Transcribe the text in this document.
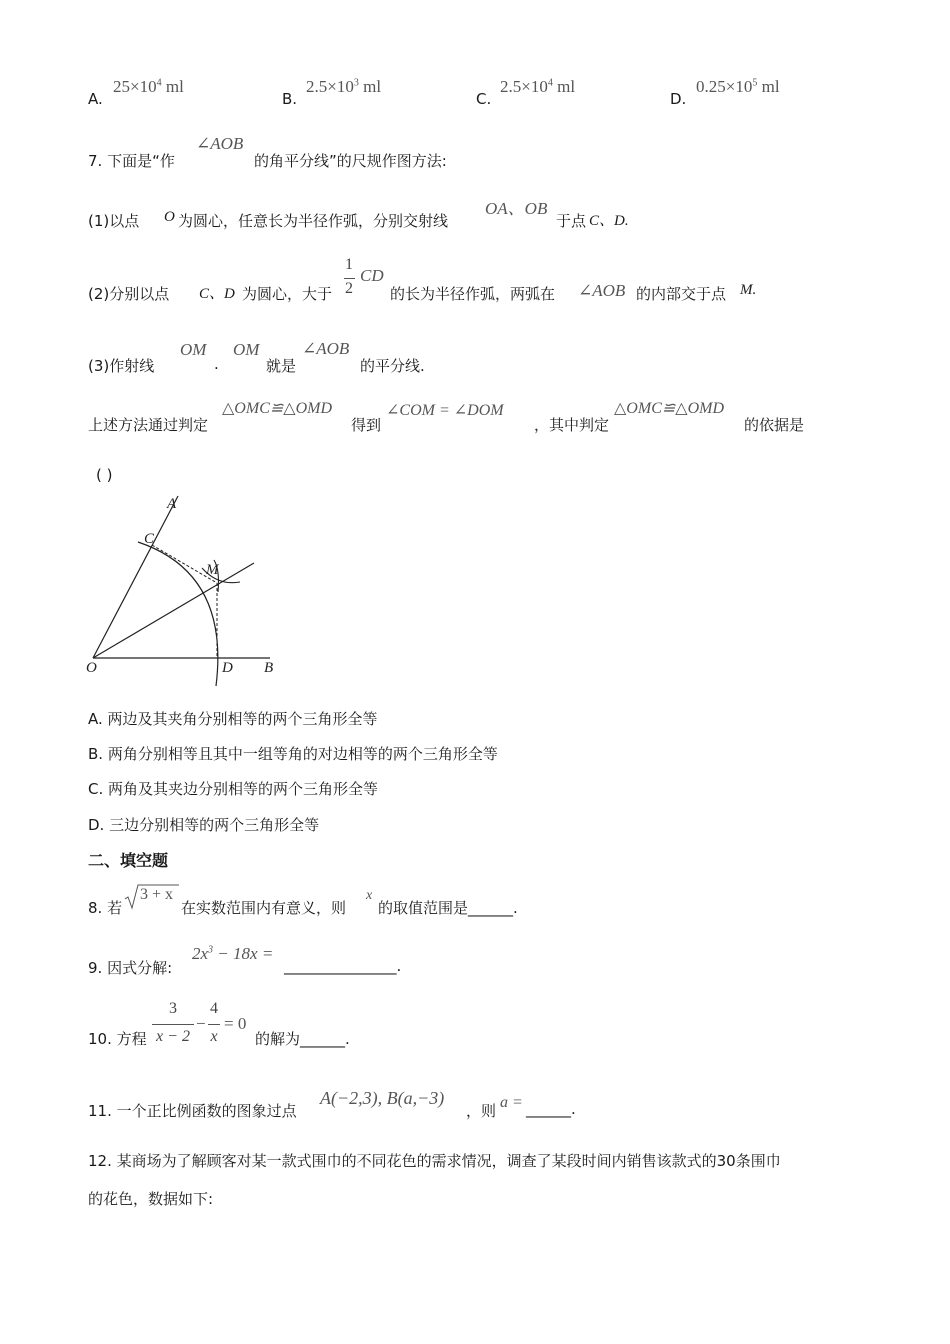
A.
$25\times 10^4$ ml
B.
$2.5\times 10^3$ ml
C.
$2.5\times 10^4$ ml
D.
$0.25\times 10^5$ ml
7. 下面是“作
∠AOB
的角平分线”的尺规作图方法:
(1)以点 O 为圆心，任意长为半径作弧，分别交射线
OA、OB
于点 C、D.
(2)分别以点 C、D 为圆心，大于
1
2
CD
的长为半径作弧，两弧在 ∠AOB 的内部交于点 M.
(3)作射线
OM
.
OM
就是
∠AOB
的平分线.
上述方法通过判定
△OMC≌△OMD
得到
∠COM = ∠DOM
，其中判定
△OMC≌△OMD
的依据是
( )
A
C
M
O	D B
A. 两边及其夹角分别相等的两个三角形全等
B. 两角分别相等且其中一组等角的对边相等的两个三角形全等
C. 两角及其夹边分别相等的两个三角形全等
D. 三边分别相等的两个三角形全等
二、填空题
8. 若
3 + x
在实数范围内有意义，则
x
的取值范围是______.
9. 因式分解:
$2x^3 - 18x$ =
_______________.
10. 方程
3
x − 2
−
4
x
= 0
的解为______.
11. 一个正比例函数的图象过点
A(−2,3), B(a,−3)
，则 a = ______.
12. 某商场为了解顾客对某一款式围巾的不同花色的需求情况，调查了某段时间内销售该款式的30条围巾
的花色，数据如下:
